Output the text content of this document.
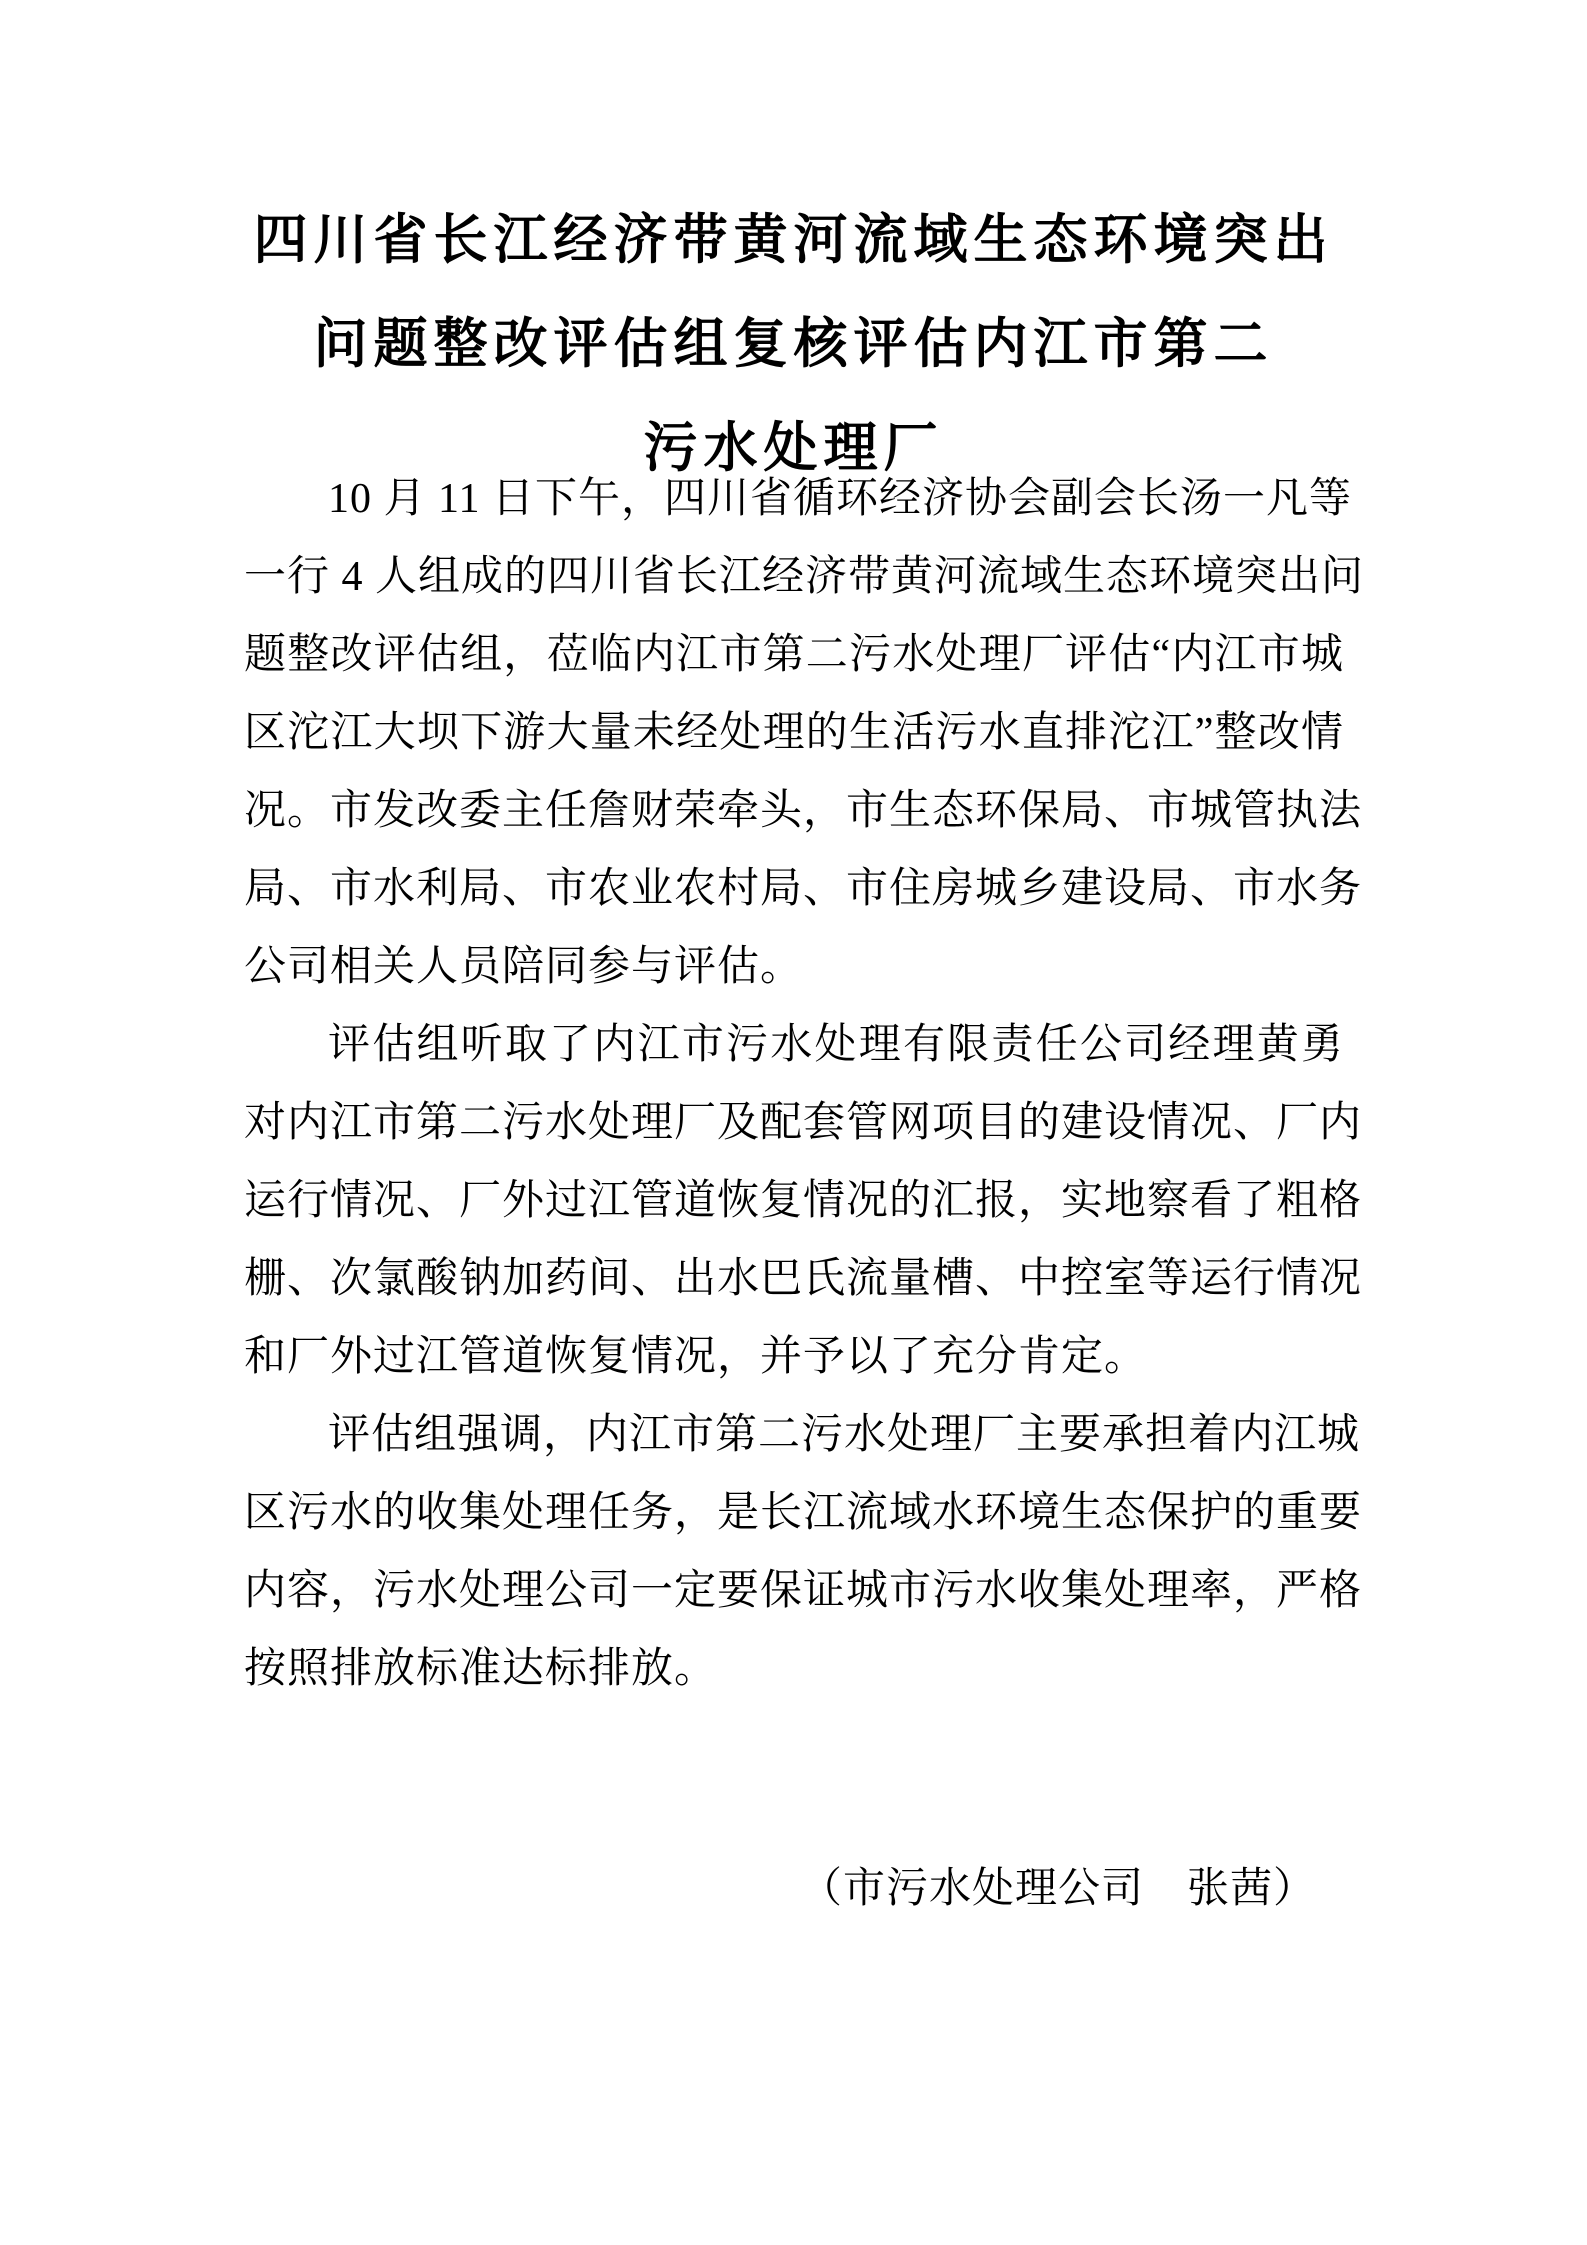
四川省长江经济带黄河流域生态环境突出
问题整改评估组复核评估内江市第二
污水处理厂
10 月 11 日下午，四川省循环经济协会副会长汤一凡等
一行 4 人组成的四川省长江经济带黄河流域生态环境突出问
题整改评估组，莅临内江市第二污水处理厂评估“内江市城
区沱江大坝下游大量未经处理的生活污水直排沱江”整改情
况。市发改委主任詹财荣牵头，市生态环保局、市城管执法
局、市水利局、市农业农村局、市住房城乡建设局、市水务
公司相关人员陪同参与评估。
评估组听取了内江市污水处理有限责任公司经理黄勇
对内江市第二污水处理厂及配套管网项目的建设情况、厂内
运行情况、厂外过江管道恢复情况的汇报，实地察看了粗格
栅、次氯酸钠加药间、出水巴氏流量槽、中控室等运行情况
和厂外过江管道恢复情况，并予以了充分肯定。
评估组强调，内江市第二污水处理厂主要承担着内江城
区污水的收集处理任务，是长江流域水环境生态保护的重要
内容，污水处理公司一定要保证城市污水收集处理率，严格
按照排放标准达标排放。
（市污水处理公司　张茜）
